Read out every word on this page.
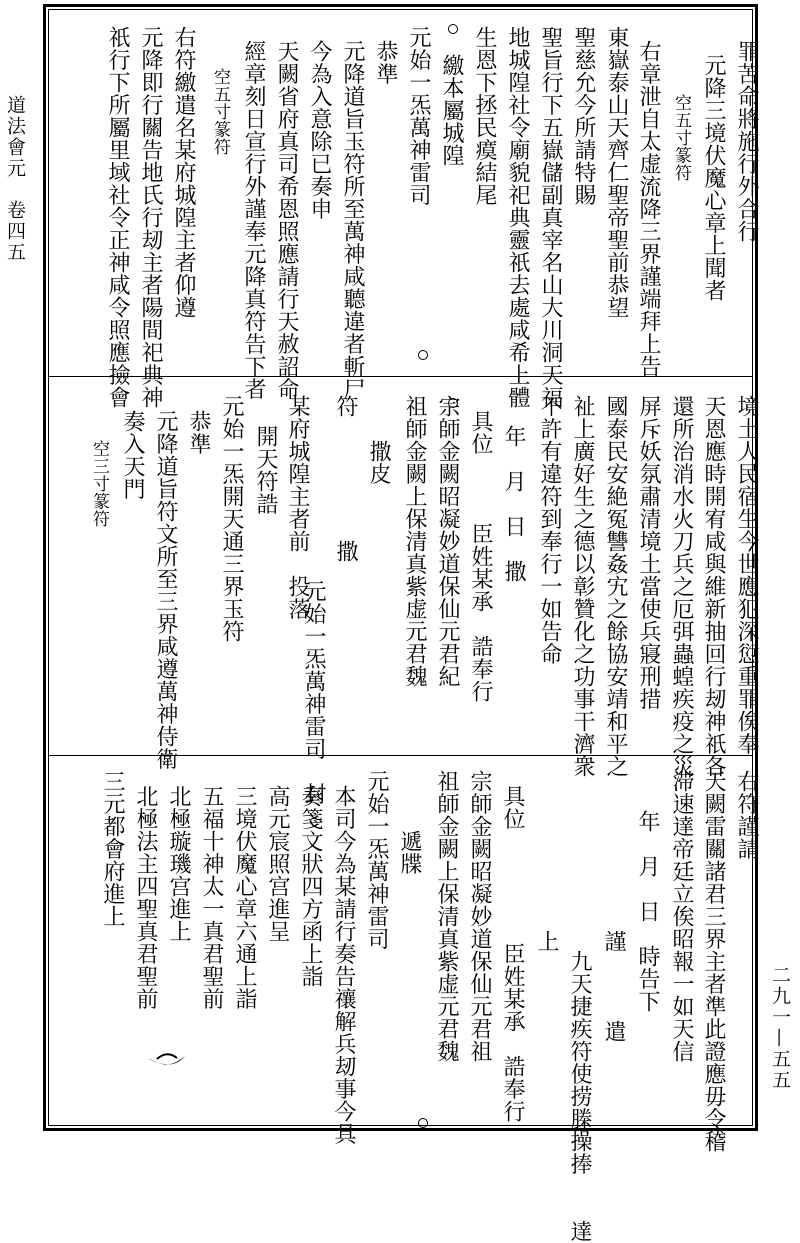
道法會元　卷四五
二九一—五五

罪苦命將施行外合行

元降三境伏魔心章上聞者

空五寸篆符

右章泄自太虚流降三界謹端拜上告

東嶽泰山天齊仁聖帝聖前恭望

聖慈允今所請特賜

聖旨行下五嶽儲副真宰名山大川洞天福

地城隍社令廟貌祀典靈祇去處咸希上體

生恩下拯民瘼結尾

繳本屬城隍

元始一炁萬神雷司

恭準

元降道旨玉符所至萬神咸聽違者斬尸

今為入意除已奏申

天闕省府真司希恩照應請行天赦詔命

經章刻日宣行外謹奉元降真符告下者

空五寸篆符

右符繳遣名某府城隍主者仰遵

元降即行關告地氏行刼主者陽間祀典神

祇行下所屬里域社令正神咸令照應撿會

境土人民宿生今世應犯深愆重罪俟奉

天恩應時開宥咸與維新抽回行刼神祇各

還所治消水火刀兵之厄弭蟲蝗疾疫之災

屏斥妖氛肅清境土當使兵寢刑措

國泰民安絶冤讐姦宄之餘協安靖和平之

祉上廣好生之德以彰贊化之功事干濟衆

不許有違符到奉行一如告命

年　月　日　撒

具位　　　臣姓某承　誥奉行

宗師金闕昭凝妙道保仙元君紀

祖師金闕上保清真紫虚元君魏

撒皮

撒

元始一炁萬神雷司　封

符

某府城隍主者前　投落

開天符誥

元始一炁開天通三界玉符

恭準

元降道旨符文所至三界咸遵萬神侍衛

奏入天門

空三寸篆符

右符謹請

天闕雷關諸君三界主者準此證應毋令稽

滞速達帝廷立俟昭報一如天信

年　月　日　時告下

謹　　　遣

九天捷疾符使捞榺操捧　　達

上

具位　　　　　臣姓某承　誥奉行

宗師金闕昭凝妙道保仙元君祖

祖師金闕上保清真紫虚元君魏

遞牒

元始一炁萬神雷司

本司今為某請行奏告禳解兵刼事今具

奏箋文狀四方函上詣

高元宸照宫進呈

三境伏魔心章六通上詣

五福十神太一真君聖前

北極璇璣宫進上

北極法主四聖真君聖前

三元都會府進上
